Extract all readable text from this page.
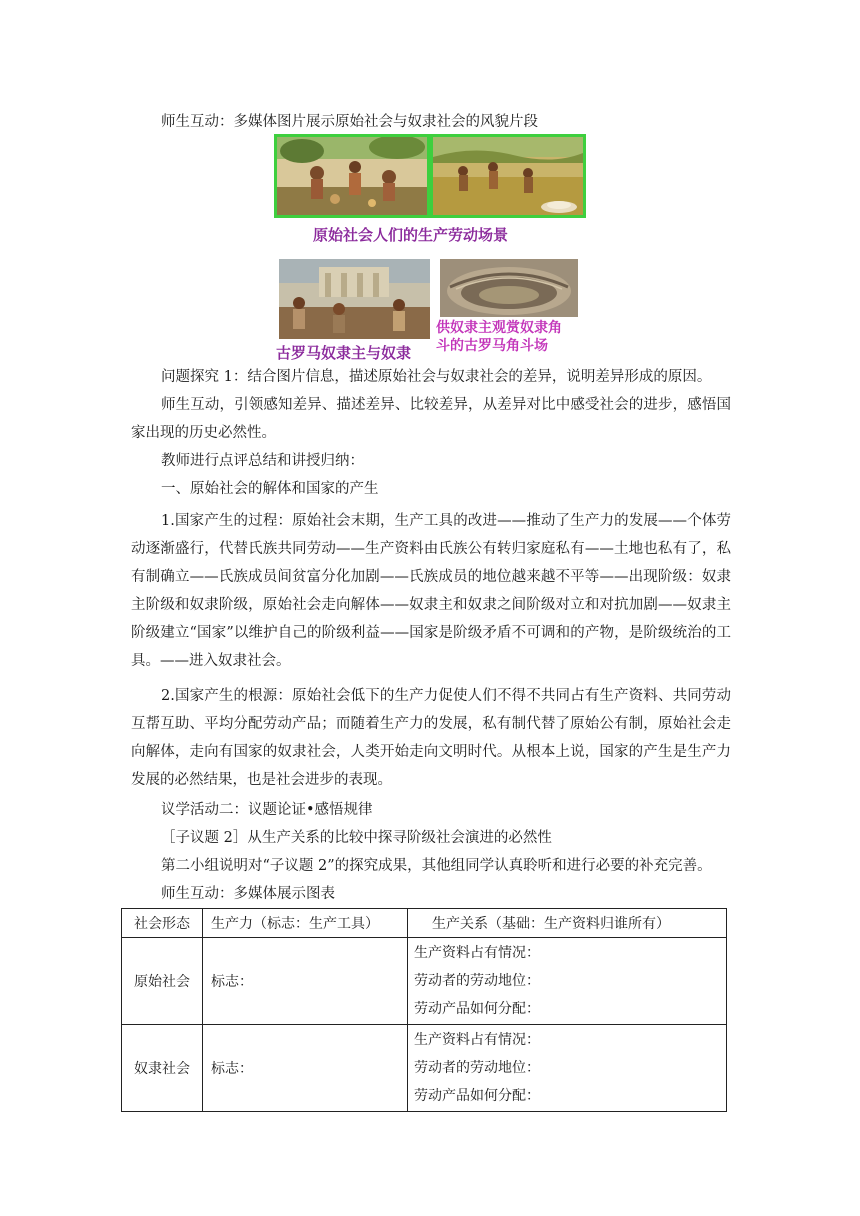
师生互动：多媒体图片展示原始社会与奴隶社会的风貌片段
原始社会人们的生产劳动场景
古罗马奴隶主与奴隶
供奴隶主观赏奴隶角
斗的古罗马角斗场

问题探究 1：结合图片信息，描述原始社会与奴隶社会的差异，说明差异形成的原因。

师生互动，引领感知差异、描述差异、比较差异，从差异对比中感受社会的进步，感悟国家出现的历史必然性。

教师进行点评总结和讲授归纳：

一、原始社会的解体和国家的产生

1.国家产生的过程：原始社会末期，生产工具的改进——推动了生产力的发展——个体劳动逐渐盛行，代替氏族共同劳动——生产资料由氏族公有转归家庭私有——土地也私有了，私有制确立——氏族成员间贫富分化加剧——氏族成员的地位越来越不平等——出现阶级：奴隶主阶级和奴隶阶级，原始社会走向解体——奴隶主和奴隶之间阶级对立和对抗加剧——奴隶主阶级建立“国家”以维护自己的阶级利益——国家是阶级矛盾不可调和的产物，是阶级统治的工具。——进入奴隶社会。

2.国家产生的根源：原始社会低下的生产力促使人们不得不共同占有生产资料、共同劳动互帮互助、平均分配劳动产品；而随着生产力的发展，私有制代替了原始公有制，原始社会走向解体，走向有国家的奴隶社会，人类开始走向文明时代。从根本上说，国家的产生是生产力发展的必然结果，也是社会进步的表现。

议学活动二：议题论证•感悟规律

［子议题 2］从生产关系的比较中探寻阶级社会演进的必然性

第二小组说明对“子议题 2”的探究成果，其他组同学认真聆听和进行必要的补充完善。

师生互动：多媒体展示图表

社会形态	生产力（标志：生产工具）	生产关系（基础：生产资料归谁所有）
原始社会	标志：	生产资料占有情况：
劳动者的劳动地位：
劳动产品如何分配：

奴隶社会	标志：	生产资料占有情况：
劳动者的劳动地位：
劳动产品如何分配：
